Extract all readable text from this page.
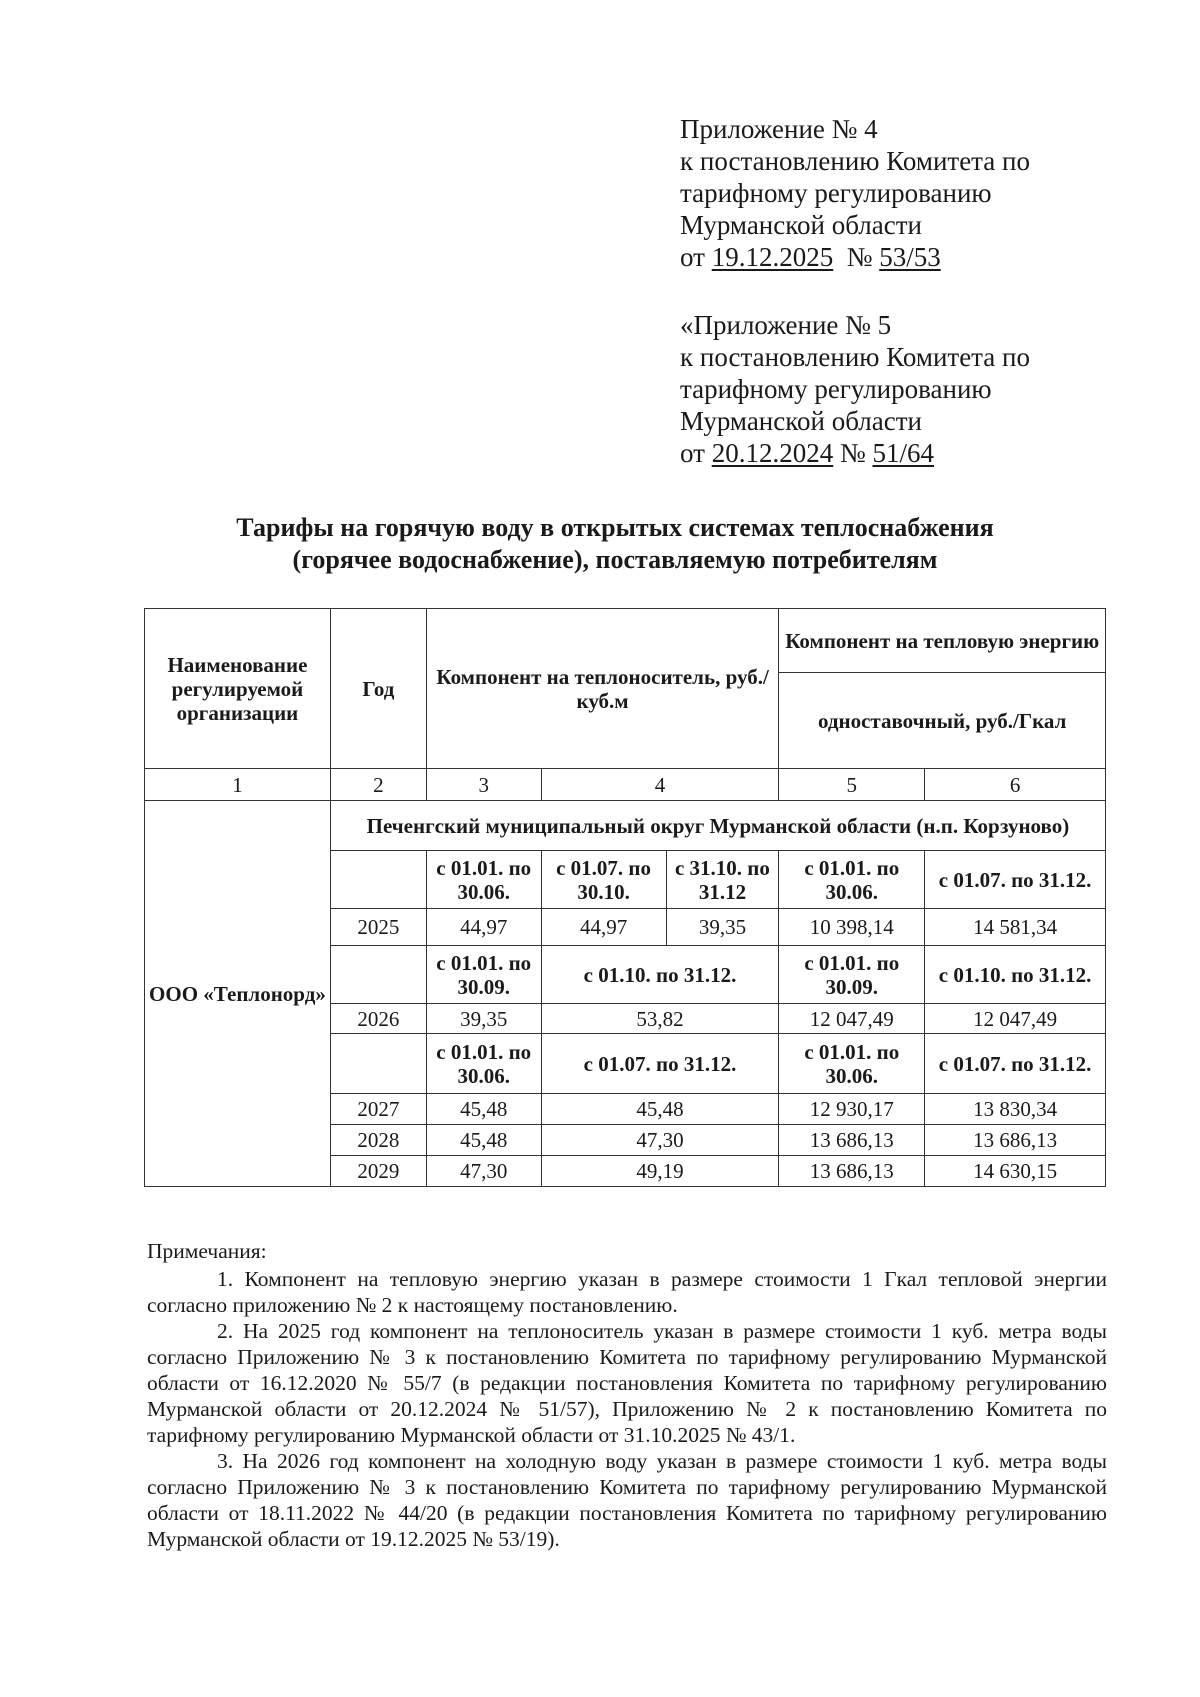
Приложение № 4
к постановлению Комитета по
тарифному регулированию
Мурманской области
от 19.12.2025 № 53/53
«Приложение № 5
к постановлению Комитета по
тарифному регулированию
Мурманской области
от 20.12.2024 № 51/64
Тарифы на горячую воду в открытых системах теплоснабжения
(горячее водоснабжение), поставляемую потребителям
Наименование регулируемой организации	Год	Компонент на теплоноситель, руб./куб.м			Компонент на тепловую энергию	
					одноставочный, руб./Гкал	
1	2	3	4		5	6
ООО «Теплонорд»	Печенгский муниципальный округ Мурманской области (н.п. Корзуново)					
		с 01.01. по 30.06.	с 01.07. по 30.10.	с 31.10. по 31.12	с 01.01. по 30.06.	с 01.07. по 31.12.
	2025	44,97	44,97	39,35	10 398,14	14 581,34
		с 01.01. по 30.09.	с 01.10. по 31.12.		с 01.01. по 30.09.	с 01.10. по 31.12.
	2026	39,35	53,82		12 047,49	12 047,49
		с 01.01. по 30.06.	с 01.07. по 31.12.		с 01.01. по 30.06.	с 01.07. по 31.12.
	2027	45,48	45,48		12 930,17	13 830,34
	2028	45,48	47,30		13 686,13	13 686,13
	2029	47,30	49,19		13 686,13	14 630,15
Примечания:

1. Компонент на тепловую энергию указан в размере стоимости 1 Гкал тепловой энергии согласно приложению № 2 к настоящему постановлению.

2. На 2025 год компонент на теплоноситель указан в размере стоимости 1 куб. метра воды согласно Приложению № 3 к постановлению Комитета по тарифному регулированию Мурманской области от 16.12.2020 № 55/7 (в редакции постановления Комитета по тарифному регулированию Мурманской области от 20.12.2024 № 51/57), Приложению № 2 к постановлению Комитета по тарифному регулированию Мурманской области от 31.10.2025 № 43/1.

3. На 2026 год компонент на холодную воду указан в размере стоимости 1 куб. метра воды согласно Приложению № 3 к постановлению Комитета по тарифному регулированию Мурманской области от 18.11.2022 № 44/20 (в редакции постановления Комитета по тарифному регулированию Мурманской области от 19.12.2025 № 53/19).
